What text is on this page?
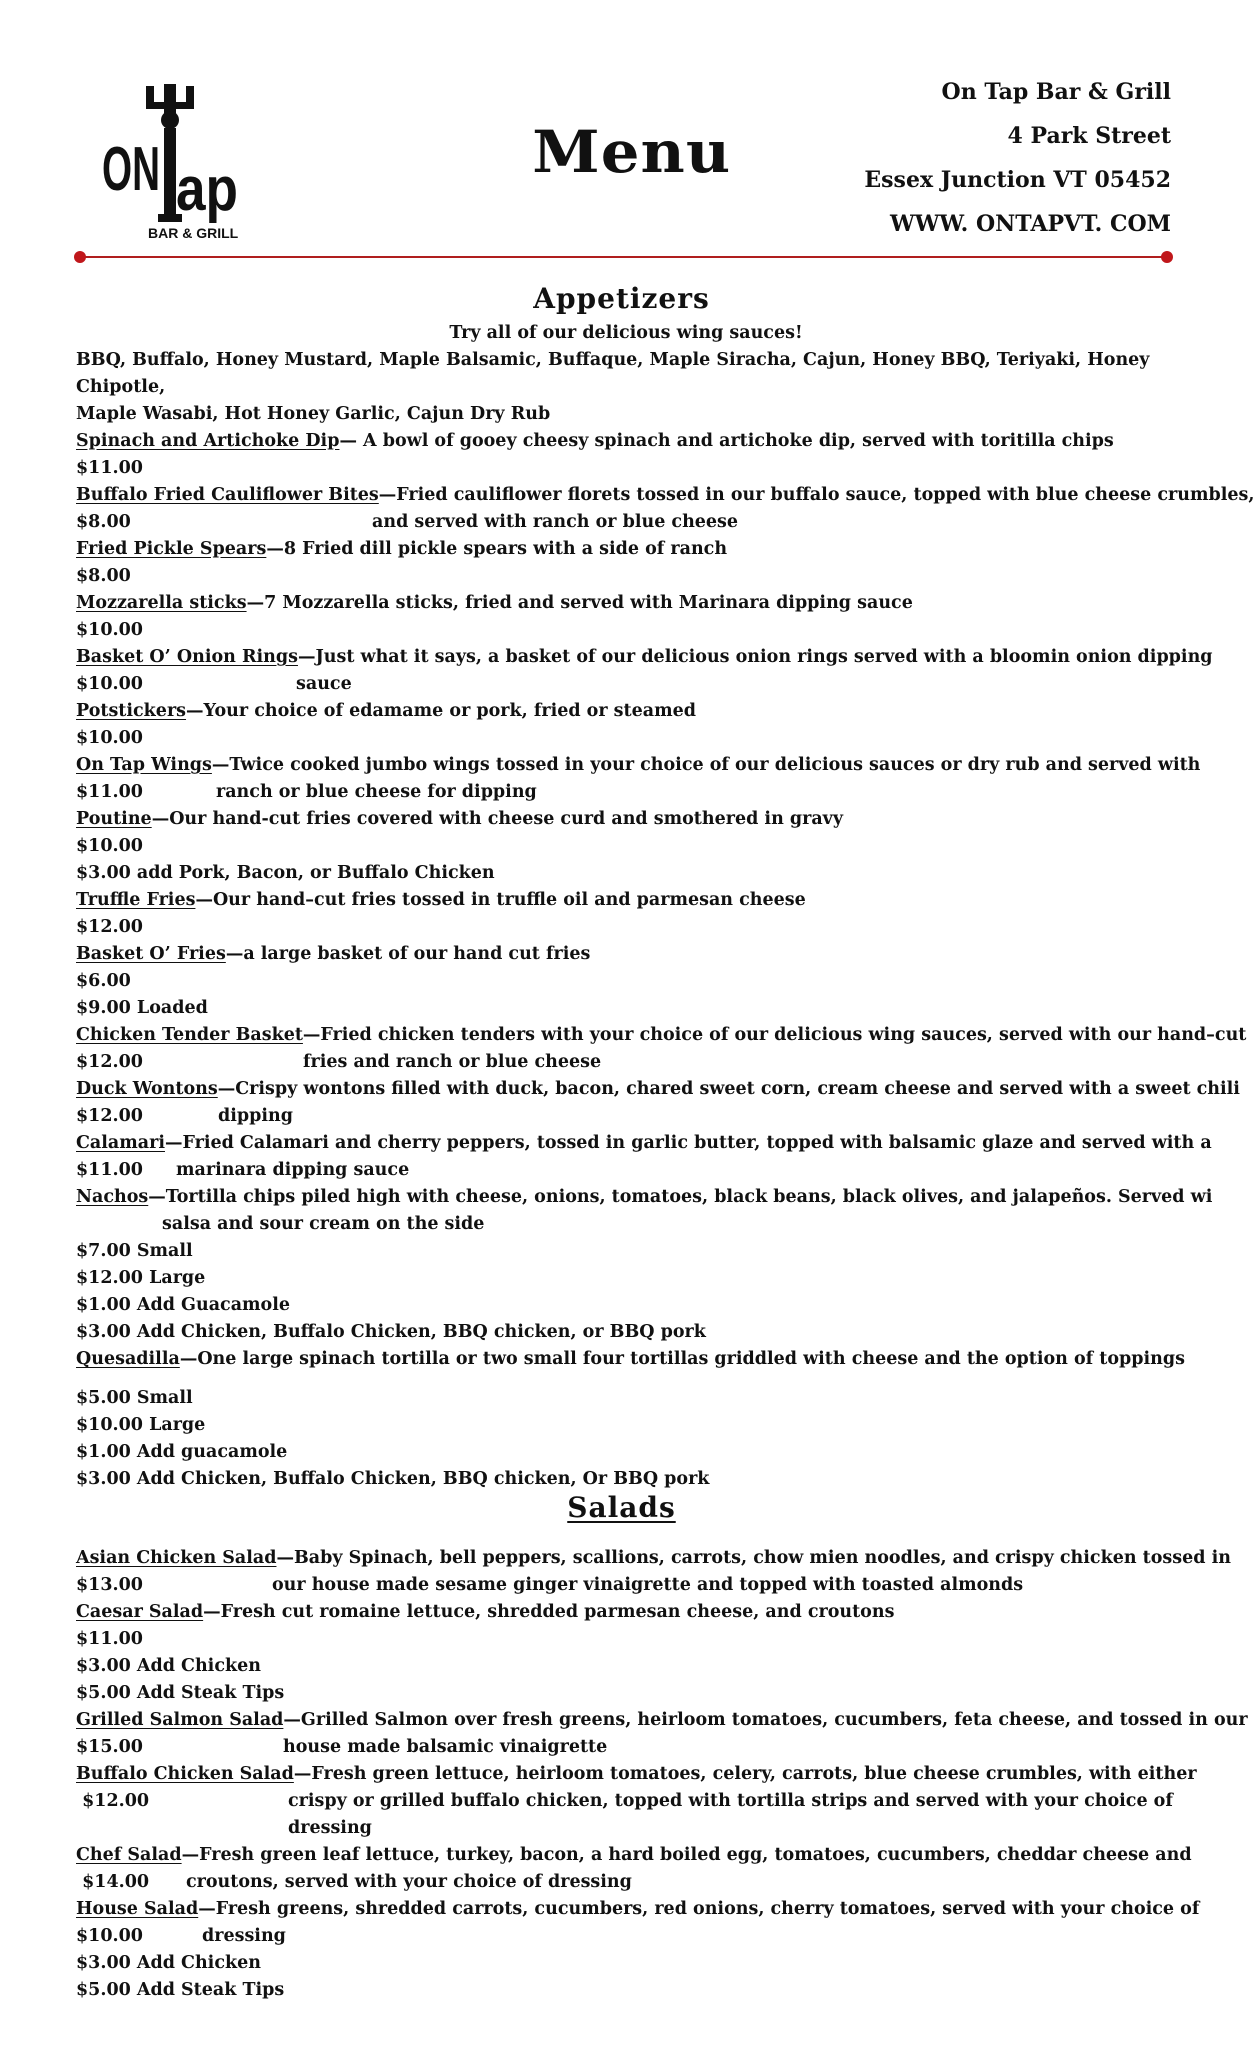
ON ap
BAR & GRILL
Menu
On Tap Bar & Grill
4 Park Street
Essex Junction VT 05452
WWW. ONTAPVT. COM
Appetizers
Try all of our delicious wing sauces!
BBQ, Buffalo, Honey Mustard, Maple Balsamic, Buffaque, Maple Siracha, Cajun, Honey BBQ, Teriyaki, Honey Chipotle,
Maple Wasabi, Hot Honey Garlic, Cajun Dry Rub
Spinach and Artichoke Dip— A bowl of gooey cheesy spinach and artichoke dip, served with toritilla chips
$11.00
Buffalo Fried Cauliflower Bites—Fried cauliflower florets tossed in our buffalo sauce, topped with blue cheese crumbles,
$8.00	and served with ranch or blue cheese
Fried Pickle Spears—8 Fried dill pickle spears with a side of ranch
$8.00
Mozzarella sticks—7 Mozzarella sticks, fried and served with Marinara dipping sauce
$10.00
Basket O’ Onion Rings—Just what it says, a basket of our delicious onion rings served with a bloomin onion dipping
$10.00	sauce
Potstickers—Your choice of edamame or pork, fried or steamed
$10.00
On Tap Wings—Twice cooked jumbo wings tossed in your choice of our delicious sauces or dry rub and served with
$11.00	ranch or blue cheese for dipping
Poutine—Our hand-cut fries covered with cheese curd and smothered in gravy
$10.00
$3.00 add Pork, Bacon, or Buffalo Chicken
Truffle Fries—Our hand–cut fries tossed in truffle oil and parmesan cheese
$12.00
Basket O’ Fries—a large basket of our hand cut fries
$6.00
$9.00 Loaded
Chicken Tender Basket—Fried chicken tenders with your choice of our delicious wing sauces, served with our hand–cut
$12.00	fries and ranch or blue cheese
Duck Wontons—Crispy wontons filled with duck, bacon, chared sweet corn, cream cheese and served with a sweet chili
$12.00	dipping
Calamari—Fried Calamari and cherry peppers, tossed in garlic butter, topped with balsamic glaze and served with a
$11.00 marinara dipping sauce
Nachos—Tortilla chips piled high with cheese, onions, tomatoes, black beans, black olives, and jalapeños. Served wi
salsa and sour cream on the side
$7.00 Small
$12.00 Large
$1.00 Add Guacamole
$3.00 Add Chicken, Buffalo Chicken, BBQ chicken, or BBQ pork
Quesadilla—One large spinach tortilla or two small four tortillas griddled with cheese and the option of toppings
$5.00 Small
$10.00 Large
$1.00 Add guacamole
$3.00 Add Chicken, Buffalo Chicken, BBQ chicken, Or BBQ pork
Salads
Asian Chicken Salad—Baby Spinach, bell peppers, scallions, carrots, chow mien noodles, and crispy chicken tossed in
$13.00	our house made sesame ginger vinaigrette and topped with toasted almonds
Caesar Salad—Fresh cut romaine lettuce, shredded parmesan cheese, and croutons
$11.00
$3.00 Add Chicken
$5.00 Add Steak Tips
Grilled Salmon Salad—Grilled Salmon over fresh greens, heirloom tomatoes, cucumbers, feta cheese, and tossed in our
$15.00	house made balsamic vinaigrette
Buffalo Chicken Salad—Fresh green lettuce, heirloom tomatoes, celery, carrots, blue cheese crumbles, with either
$12.00	crispy or grilled buffalo chicken, topped with tortilla strips and served with your choice of
dressing
Chef Salad—Fresh green leaf lettuce, turkey, bacon, a hard boiled egg, tomatoes, cucumbers, cheddar cheese and
$14.00 croutons, served with your choice of dressing
House Salad—Fresh greens, shredded carrots, cucumbers, red onions, cherry tomatoes, served with your choice of
$10.00	dressing
$3.00 Add Chicken
$5.00 Add Steak Tips
